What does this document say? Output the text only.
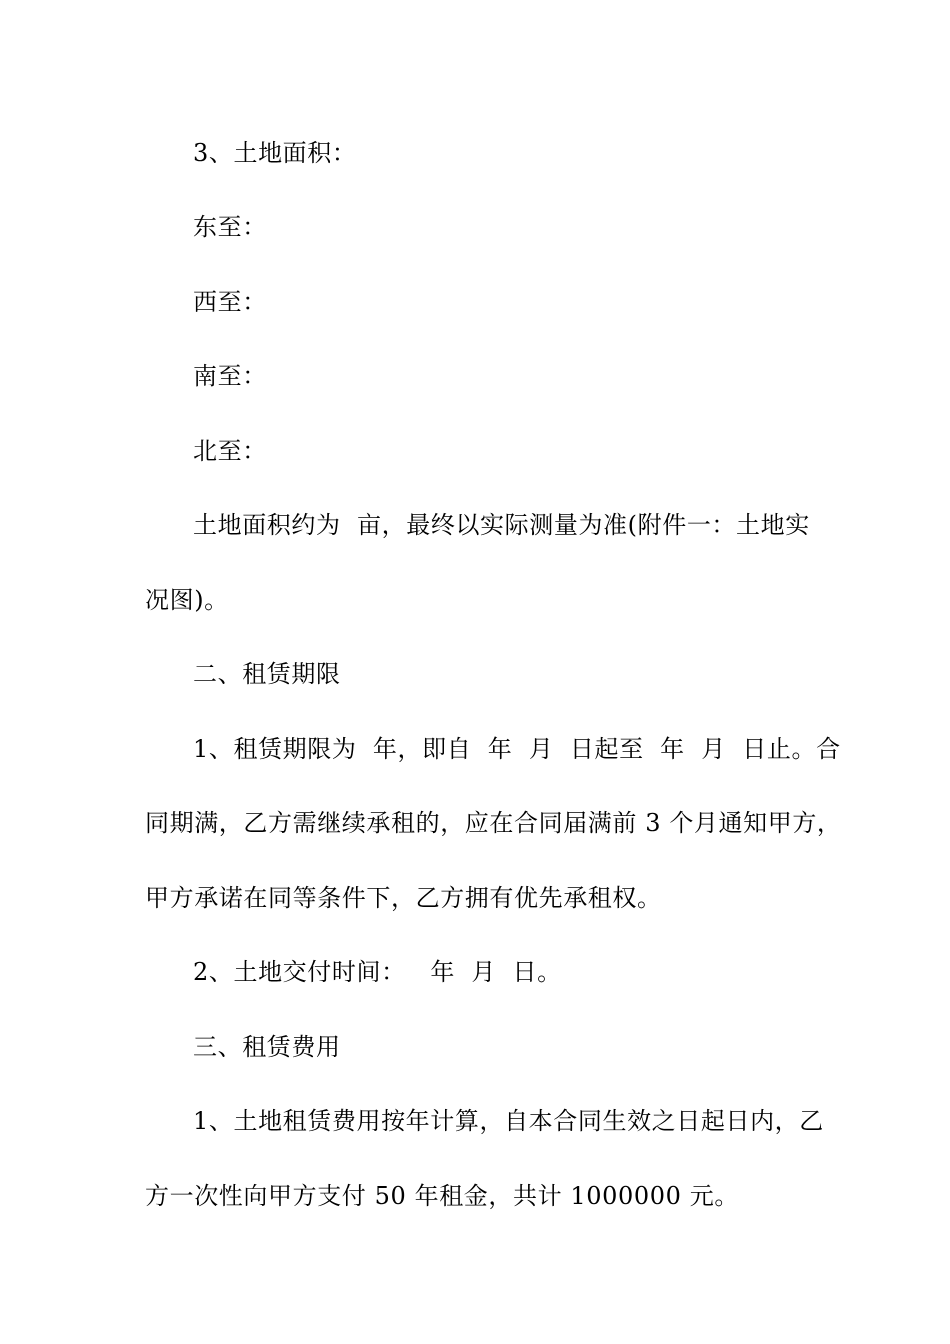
3、土地面积：
东至：
西至：
南至：
北至：
土地面积约为  亩，最终以实际测量为准(附件一：土地实
况图)。
二、租赁期限
1、租赁期限为  年，即自  年  月  日起至  年  月  日止。合
同期满，乙方需继续承租的，应在合同届满前 3 个月通知甲方，
甲方承诺在同等条件下，乙方拥有优先承租权。
2、土地交付时间：   年  月  日。
三、租赁费用
1、土地租赁费用按年计算，自本合同生效之日起日内，乙
方一次性向甲方支付 50 年租金，共计 1000000 元。
